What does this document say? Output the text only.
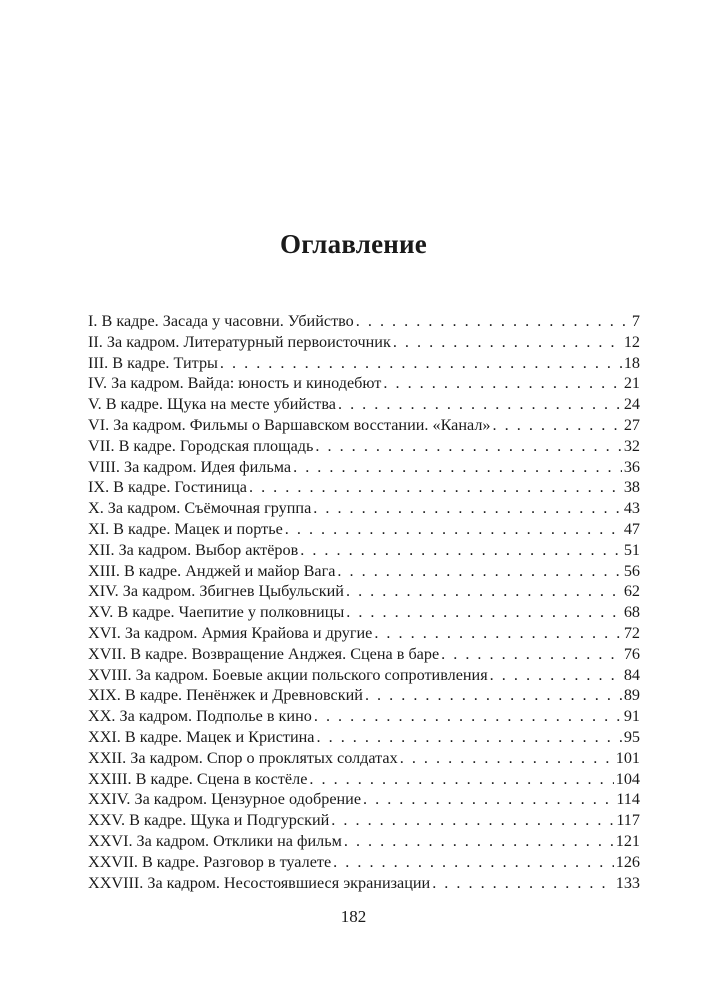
Оглавление
I. В кадре. Засада у часовни. Убийство . . .	7
II. За кадром. Литературный первоисточник . . .	12
III. В кадре. Титры . . .	18
IV. За кадром. Вайда: юность и кинодебют . . .	21
V. В кадре. Щука на месте убийства . . .	24
VI. За кадром. Фильмы о Варшавском восстании. «Канал» . . .	27
VII. В кадре. Городская площадь . . .	32
VIII. За кадром. Идея фильма . . .	36
IX. В кадре. Гостиница . . .	38
X. За кадром. Съёмочная группа . . .	43
XI. В кадре. Мацек и портье . . .	47
XII. За кадром. Выбор актёров . . .	51
XIII. В кадре. Анджей и майор Вага . . .	56
XIV. За кадром. Збигнев Цыбульский . . .	62
XV. В кадре. Чаепитие у полковницы . . .	68
XVI. За кадром. Армия Крайова и другие . . .	72
XVII. В кадре. Возвращение Анджея. Сцена в баре . . .	76
XVIII. За кадром. Боевые акции польского сопротивления . . .	84
XIX. В кадре. Пенёнжек и Древновский . . .	89
XX. За кадром. Подполье в кино . . .	91
XXI. В кадре. Мацек и Кристина . . .	95
XXII. За кадром. Спор о проклятых солдатах . . .	101
XXIII. В кадре. Сцена в костёле . . .	104
XXIV. За кадром. Цензурное одобрение . . .	114
XXV. В кадре. Щука и Подгурский . . .	117
XXVI. За кадром. Отклики на фильм . . .	121
XXVII. В кадре. Разговор в туалете . . .	126
XXVIII. За кадром. Несостоявшиеся экранизации . . .	133
182
